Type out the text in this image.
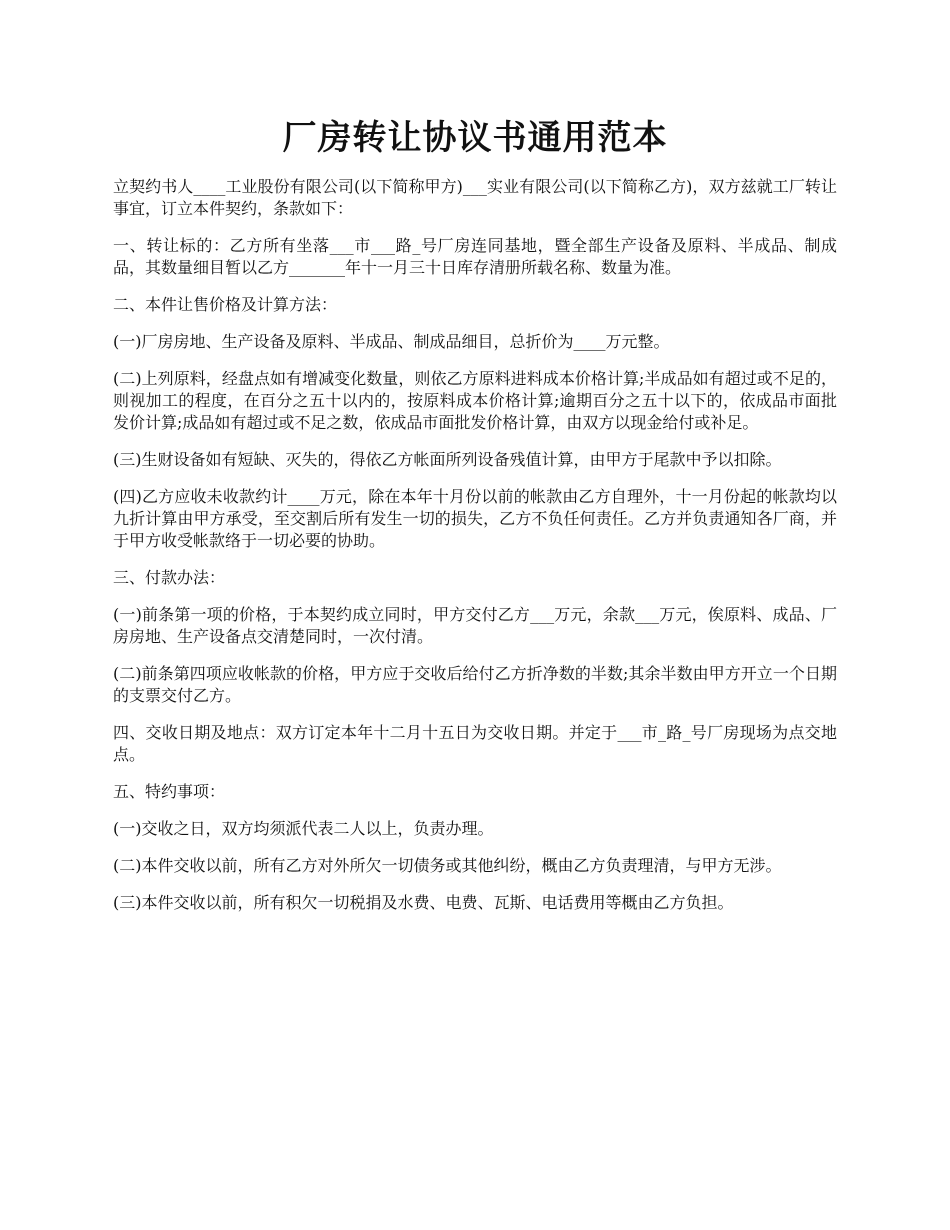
厂房转让协议书通用范本

立契约书人____工业股份有限公司(以下简称甲方)___实业有限公司(以下简称乙方)，双方兹就工厂转让事宜，订立本件契约，条款如下：

一、转让标的：乙方所有坐落___市___路_号厂房连同基地，暨全部生产设备及原料、半成品、制成品，其数量细目暂以乙方_______年十一月三十日库存清册所载名称、数量为准。

二、本件让售价格及计算方法：

(一)厂房房地、生产设备及原料、半成品、制成品细目，总折价为____万元整。

(二)上列原料，经盘点如有增减变化数量，则依乙方原料进料成本价格计算;半成品如有超过或不足的，则视加工的程度，在百分之五十以内的，按原料成本价格计算;逾期百分之五十以下的，依成品市面批发价计算;成品如有超过或不足之数，依成品市面批发价格计算，由双方以现金给付或补足。

(三)生财设备如有短缺、灭失的，得依乙方帐面所列设备残值计算，由甲方于尾款中予以扣除。

(四)乙方应收未收款约计____万元，除在本年十月份以前的帐款由乙方自理外，十一月份起的帐款均以九折计算由甲方承受，至交割后所有发生一切的损失，乙方不负任何责任。乙方并负责通知各厂商，并于甲方收受帐款络于一切必要的协助。

三、付款办法：

(一)前条第一项的价格，于本契约成立同时，甲方交付乙方___万元，余款___万元，俟原料、成品、厂房房地、生产设备点交清楚同时，一次付清。

(二)前条第四项应收帐款的价格，甲方应于交收后给付乙方折净数的半数;其余半数由甲方开立一个日期的支票交付乙方。

四、交收日期及地点：双方订定本年十二月十五日为交收日期。并定于___市_路_号厂房现场为点交地点。

五、特约事项：

(一)交收之日，双方均须派代表二人以上，负责办理。

(二)本件交收以前，所有乙方对外所欠一切债务或其他纠纷，概由乙方负责理清，与甲方无涉。

(三)本件交收以前，所有积欠一切税捐及水费、电费、瓦斯、电话费用等概由乙方负担。
